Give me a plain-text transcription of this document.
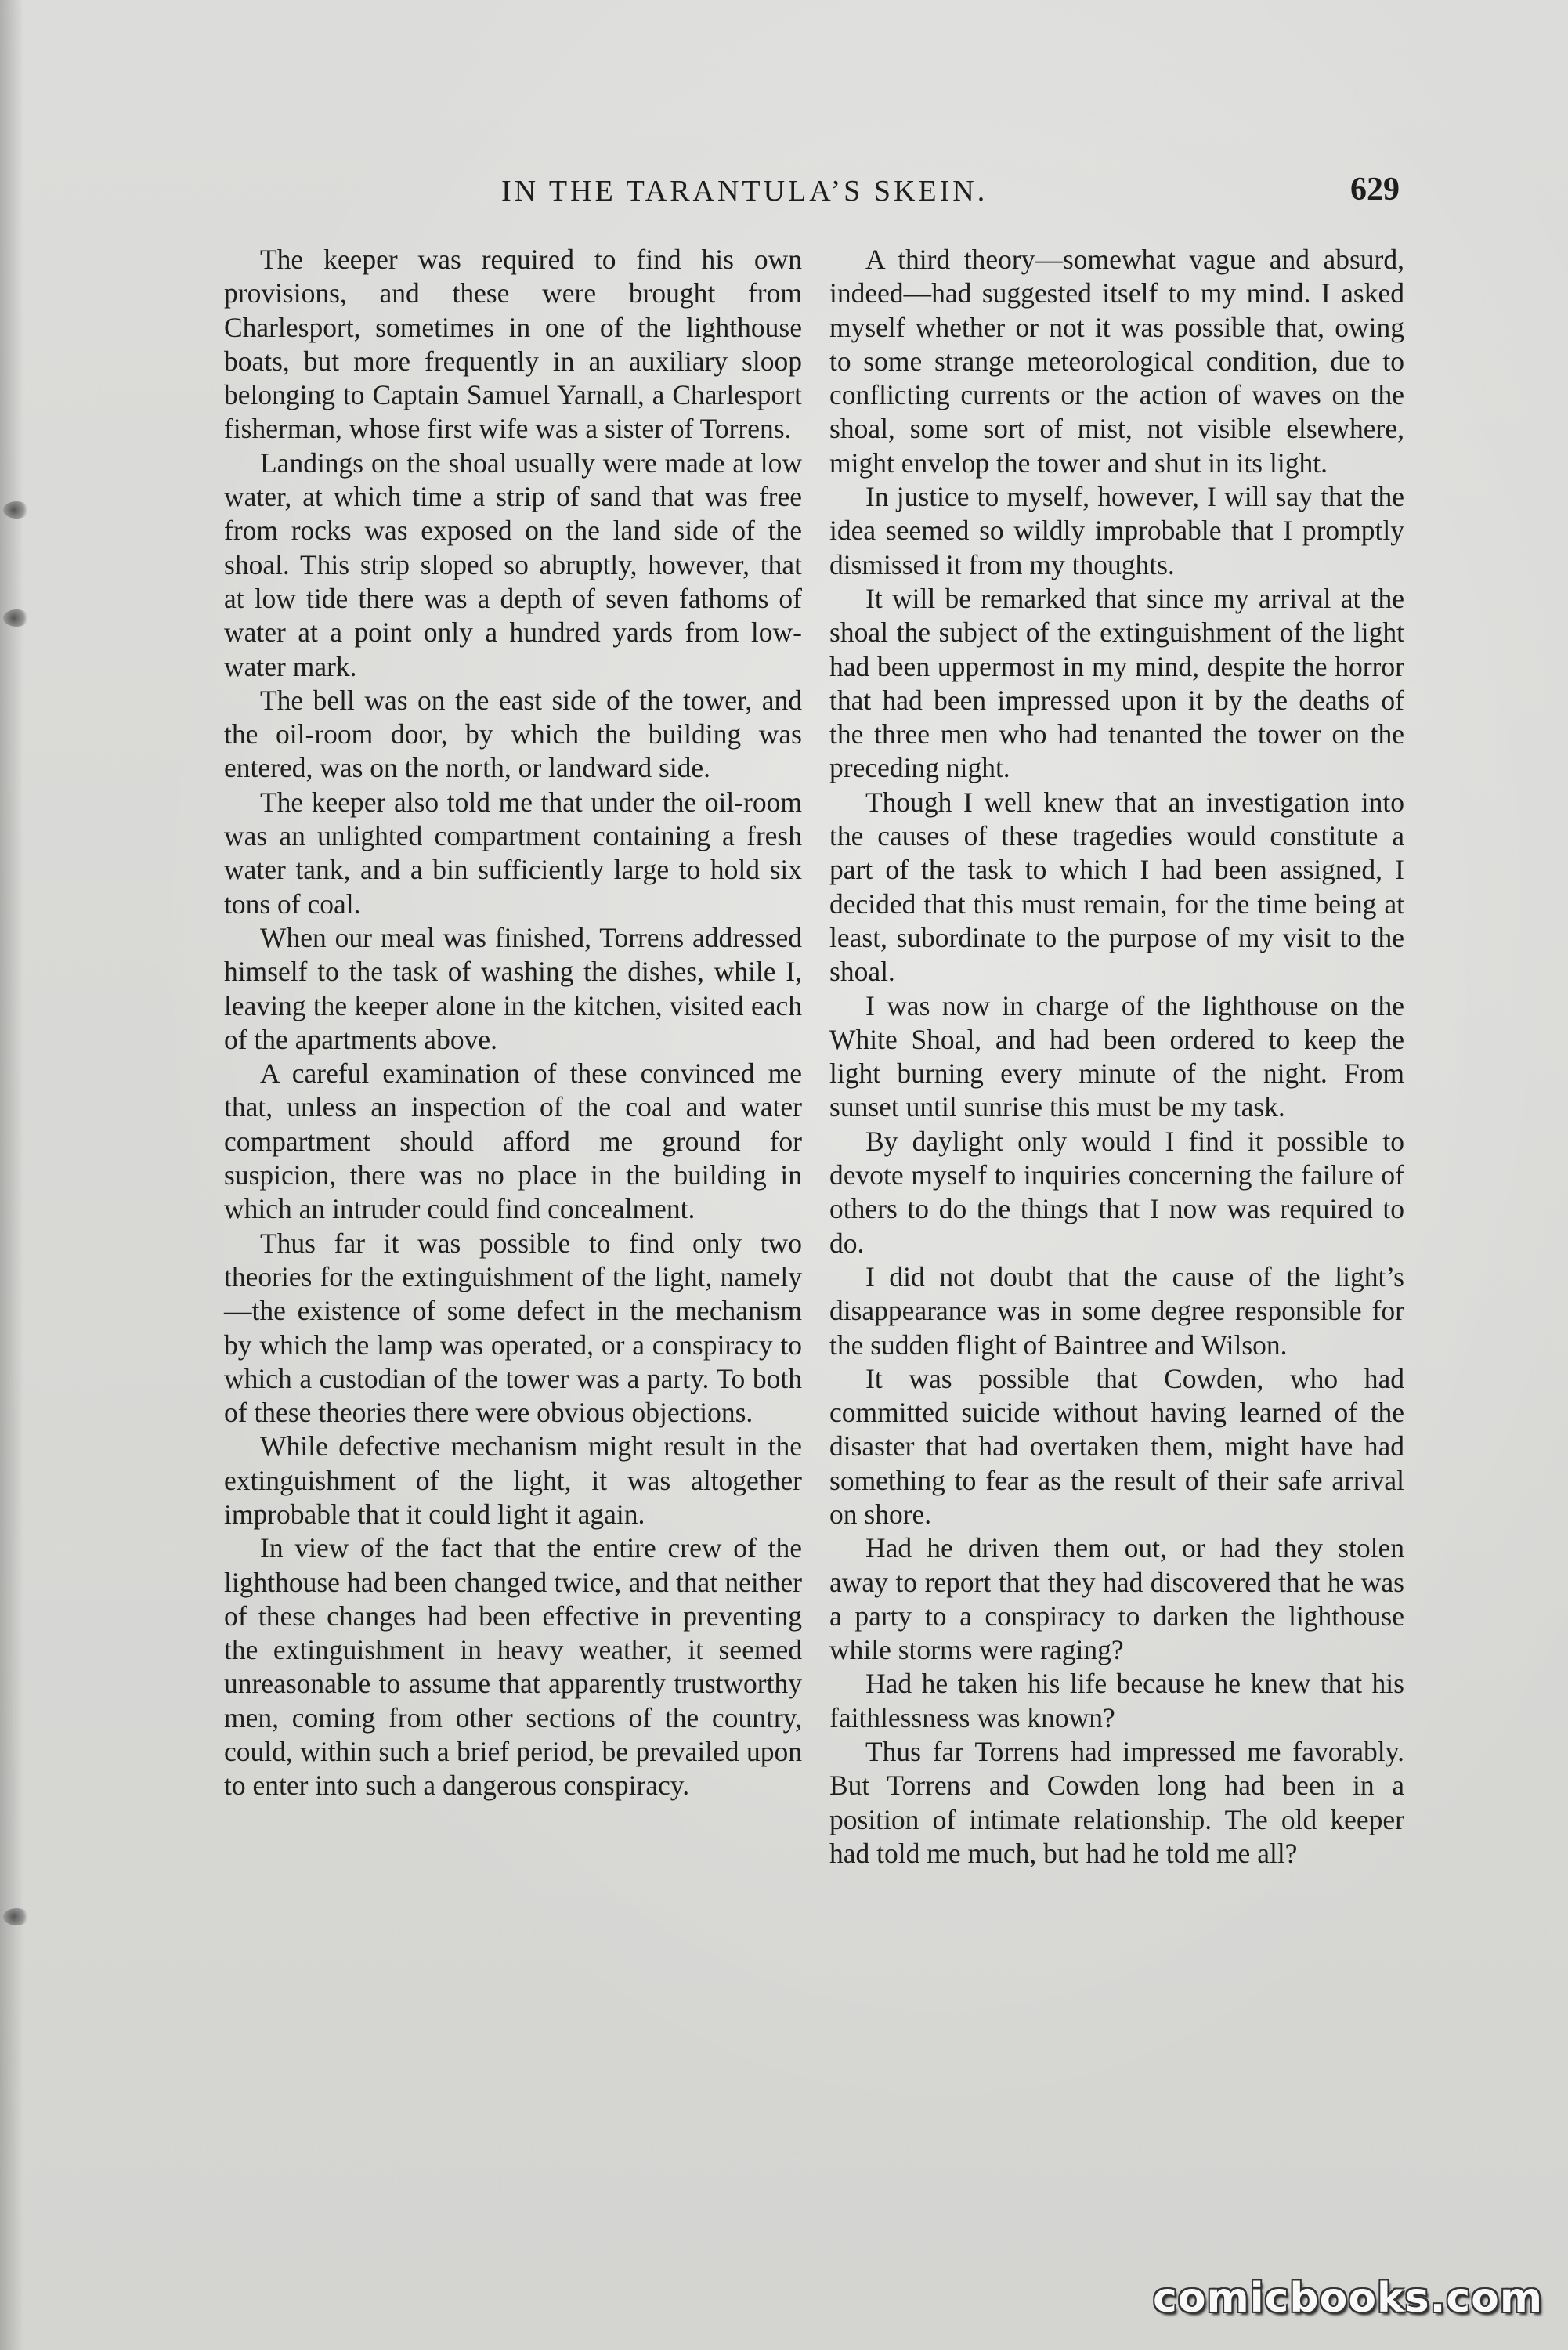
IN THE TARANTULA’S SKEIN.	629

The keeper was required to find his own provisions, and these were brought from Charlesport, sometimes in one of the lighthouse boats, but more frequently in an auxiliary sloop belonging to Captain Samuel Yarnall, a Charlesport fisherman, whose first wife was a sister of Torrens.

Landings on the shoal usually were made at low water, at which time a strip of sand that was free from rocks was exposed on the land side of the shoal. This strip sloped so abruptly, however, that at low tide there was a depth of seven fathoms of water at a point only a hundred yards from low-water mark.

The bell was on the east side of the tower, and the oil-room door, by which the building was entered, was on the north, or landward side.

The keeper also told me that under the oil-room was an unlighted compartment containing a fresh water tank, and a bin sufficiently large to hold six tons of coal.

When our meal was finished, Torrens addressed himself to the task of washing the dishes, while I, leaving the keeper alone in the kitchen, visited each of the apartments above.

A careful examination of these convinced me that, unless an inspection of the coal and water compartment should afford me ground for suspicion, there was no place in the building in which an intruder could find concealment.

Thus far it was possible to find only two theories for the extinguishment of the light, namely—the existence of some defect in the mechanism by which the lamp was operated, or a conspiracy to which a custodian of the tower was a party. To both of these theories there were obvious objections.

While defective mechanism might result in the extinguishment of the light, it was altogether improbable that it could light it again.

In view of the fact that the entire crew of the lighthouse had been changed twice, and that neither of these changes had been effective in preventing the extinguishment in heavy weather, it seemed unreasonable to assume that apparently trustworthy men, coming from other sections of the country, could, within such a brief period, be prevailed upon to enter into such a dangerous conspiracy.

A third theory—somewhat vague and absurd, indeed—had suggested itself to my mind. I asked myself whether or not it was possible that, owing to some strange meteorological condition, due to conflicting currents or the action of waves on the shoal, some sort of mist, not visible elsewhere, might envelop the tower and shut in its light.

In justice to myself, however, I will say that the idea seemed so wildly improbable that I promptly dismissed it from my thoughts.

It will be remarked that since my arrival at the shoal the subject of the extinguishment of the light had been uppermost in my mind, despite the horror that had been impressed upon it by the deaths of the three men who had tenanted the tower on the preceding night.

Though I well knew that an investigation into the causes of these tragedies would constitute a part of the task to which I had been assigned, I decided that this must remain, for the time being at least, subordinate to the purpose of my visit to the shoal.

I was now in charge of the lighthouse on the White Shoal, and had been ordered to keep the light burning every minute of the night. From sunset until sunrise this must be my task.

By daylight only would I find it possible to devote myself to inquiries concerning the failure of others to do the things that I now was required to do.

I did not doubt that the cause of the light’s disappearance was in some degree responsible for the sudden flight of Baintree and Wilson.

It was possible that Cowden, who had committed suicide without having learned of the disaster that had overtaken them, might have had something to fear as the result of their safe arrival on shore.

Had he driven them out, or had they stolen away to report that they had discovered that he was a party to a conspiracy to darken the lighthouse while storms were raging?

Had he taken his life because he knew that his faithlessness was known?

Thus far Torrens had impressed me favorably. But Torrens and Cowden long had been in a position of intimate relationship. The old keeper had told me much, but had he told me all?

comicbooks.com
